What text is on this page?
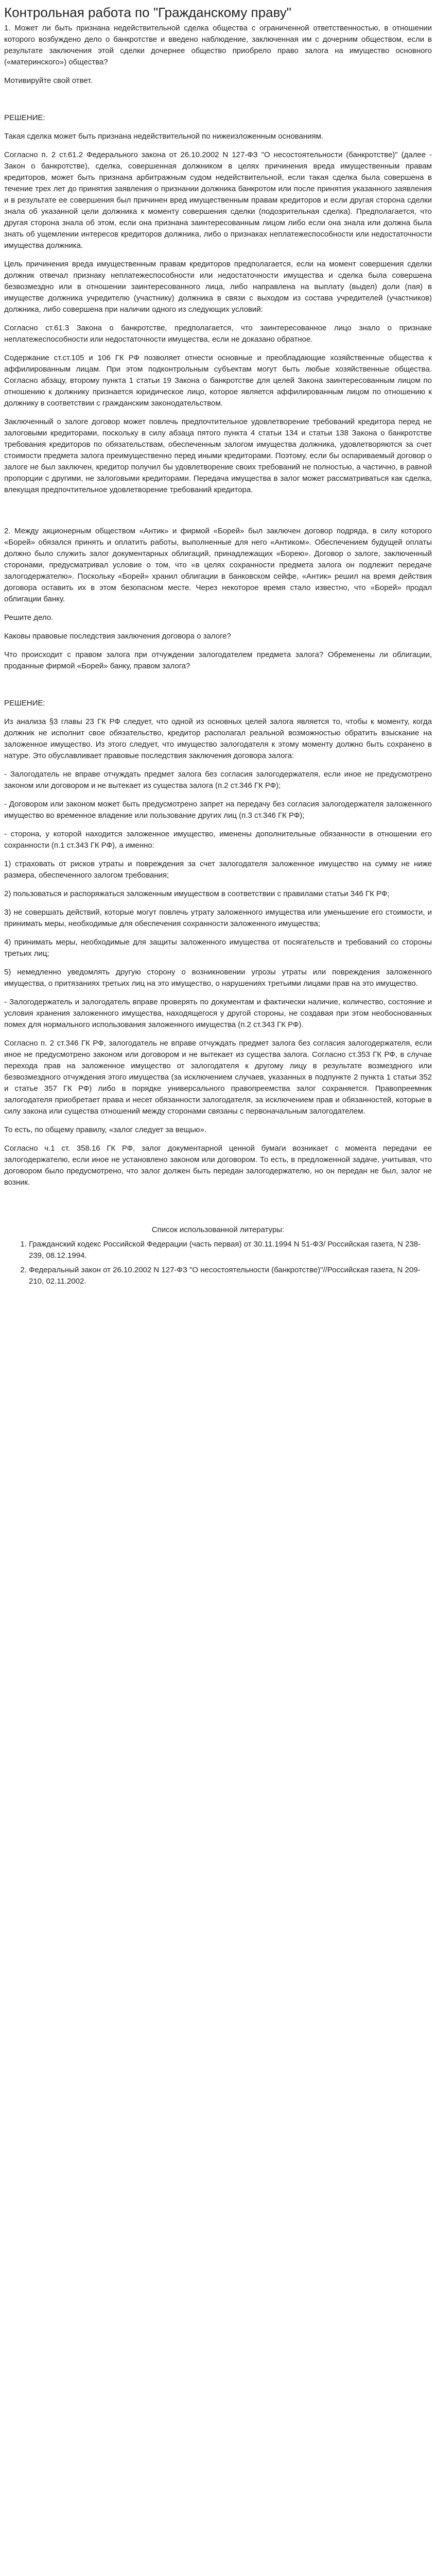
Контрольная работа по "Гражданскому праву"

1. Может ли быть признана недействительной сделка общества с ограниченной ответственностью, в отношении которого возбуждено дело о банкротстве и введено наблюдение, заключенная им с дочерним обществом, если в результате заключения этой сделки дочернее общество приобрело право залога на имущество основного («материнского») общества?

Мотивируйте свой ответ.

РЕШЕНИЕ:

Такая сделка может быть признана недействительной по нижеизложенным основаниям.

Согласно п. 2 ст.61.2 Федерального закона от 26.10.2002 N 127-ФЗ "О несостоятельности (банкротстве)" (далее - Закон о банкротстве), сделка, совершенная должником в целях причинения вреда имущественным правам кредиторов, может быть признана арбитражным судом недействительной, если такая сделка была совершена в течение трех лет до принятия заявления о признании должника банкротом или после принятия указанного заявления и в результате ее совершения был причинен вред имущественным правам кредиторов и если другая сторона сделки знала об указанной цели должника к моменту совершения сделки (подозрительная сделка). Предполагается, что другая сторона знала об этом, если она признана заинтересованным лицом либо если она знала или должна была знать об ущемлении интересов кредиторов должника, либо о признаках неплатежеспособности или недостаточности имущества должника.

Цель причинения вреда имущественным правам кредиторов предполагается, если на момент совершения сделки должник отвечал признаку неплатежеспособности или недостаточности имущества и сделка была совершена безвозмездно или в отношении заинтересованного лица, либо направлена на выплату (выдел) доли (пая) в имуществе должника учредителю (участнику) должника в связи с выходом из состава учредителей (участников) должника, либо совершена при наличии одного из следующих условий:

Согласно ст.61.3 Закона о банкротстве, предполагается, что заинтересованное лицо знало о признаке неплатежеспособности или недостаточности имущества, если не доказано обратное.

Содержание ст.ст.105 и 106 ГК РФ позволяет отнести основные и преобладающие хозяйственные общества к аффилированным лицам. При этом подконтрольным субъектам могут быть любые хозяйственные общества. Согласно абзацу, второму пункта 1 статьи 19 Закона о банкротстве для целей Закона заинтересованным лицом по отношению к должнику признается юридическое лицо, которое является аффилированным лицом по отношению к должнику в соответствии с гражданским законодательством.

Заключенный о залоге договор может повлечь предпочтительное удовлетворение требований кредитора перед не залоговыми кредиторами, поскольку в силу абзаца пятого пункта 4 статьи 134 и статьи 138 Закона о банкротстве требования кредиторов по обязательствам, обеспеченным залогом имущества должника, удовлетворяются за счет стоимости предмета залога преимущественно перед иными кредиторами. Поэтому, если бы оспариваемый договор о залоге не был заключен, кредитор получил бы удовлетворение своих требований не полностью, а частично, в равной пропорции с другими, не залоговыми кредиторами. Передача имущества в залог может рассматриваться как сделка, влекущая предпочтительное удовлетворение требований кредитора.

2. Между акционерным обществом «Антик» и фирмой «Борей» был заключен договор подряда, в силу которого «Борей» обязался принять и оплатить работы, выполненные для него «Антиком». Обеспечением будущей оплаты должно было служить залог документарных облигаций, принадлежащих «Борею». Договор о залоге, заключенный сторонами, предусматривал условие о том, что «в целях сохранности предмета залога он подлежит передаче залогодержателю». Поскольку «Борей» хранил облигации в банковском сейфе, «Антик» решил на время действия договора оставить их в этом безопасном месте. Через некоторое время стало известно, что «Борей» продал облигации банку.

Решите дело.

Каковы правовые последствия заключения договора о залоге?

Что происходит с правом залога при отчуждении залогодателем предмета залога? Обременены ли облигации, проданные фирмой «Борей» банку, правом залога?

РЕШЕНИЕ:

Из анализа §3 главы 23 ГК РФ следует, что одной из основных целей залога является то, чтобы к моменту, когда должник не исполнит свое обязательство, кредитор располагал реальной возможностью обратить взыскание на заложенное имущество. Из этого следует, что имущество залогодателя к этому моменту должно быть сохранено в натуре. Это обуславливает правовые последствия заключения договора залога:

- Залогодатель не вправе отчуждать предмет залога без согласия залогодержателя, если иное не предусмотрено законом или договором и не вытекает из существа залога (п.2 ст.346 ГК РФ);

- Договором или законом может быть предусмотрено запрет на передачу без согласия залогодержателя заложенного имущество во временное владение или пользование других лиц (п.3 ст.346 ГК РФ);

- сторона, у которой находится заложенное имущество, именены дополнительные обязанности в отношении его сохранности (п.1 ст.343 ГК РФ), а именно:

1) страховать от рисков утраты и повреждения за счет залогодателя заложенное имущество на сумму не ниже размера, обеспеченного залогом требования;

2) пользоваться и распоряжаться заложенным имуществом в соответствии с правилами статьи 346 ГК РФ;

3) не совершать действий, которые могут повлечь утрату заложенного имущества или уменьшение его стоимости, и принимать меры, необходимые для обеспечения сохранности заложенного имущества;

4) принимать меры, необходимые для защиты заложенного имущества от посягательств и требований со стороны третьих лиц;

5) немедленно уведомлять другую сторону о возникновении угрозы утраты или повреждения заложенного имущества, о притязаниях третьих лиц на это имущество, о нарушениях третьими лицами прав на это имущество.

- Залогодержатель и залогодатель вправе проверять по документам и фактически наличие, количество, состояние и условия хранения заложенного имущества, находящегося у другой стороны, не создавая при этом необоснованных помех для нормального использования заложенного имущества (п.2 ст.343 ГК РФ).

Согласно п. 2 ст.346 ГК РФ, залогодатель не вправе отчуждать предмет залога без согласия залогодержателя, если иное не предусмотрено законом или договором и не вытекает из существа залога. Согласно ст.353 ГК РФ, в случае перехода прав на заложенное имущество от залогодателя к другому лицу в результате возмездного или безвозмездного отчуждения этого имущества (за исключением случаев, указанных в подпункте 2 пункта 1 статьи 352 и статье 357 ГК РФ) либо в порядке универсального правопреемства залог сохраняется. Правопреемник залогодателя приобретает права и несет обязанности залогодателя, за исключением прав и обязанностей, которые в силу закона или существа отношений между сторонами связаны с первоначальным залогодателем.

То есть, по общему правилу, «залог следует за вещью».

Согласно ч.1 ст. 358.16 ГК РФ, залог документарной ценной бумаги возникает с момента передачи ее залогодержателю, если иное не установлено законом или договором. То есть, в предложенной задаче, учитывая, что договором было предусмотрено, что залог должен быть передан залогодержателю, но он передан не был, залог не возник.

Список использованной литературы:

1. Гражданский кодекс Российской Федерации (часть первая) от 30.11.1994 N 51-ФЗ/ Российская газета, N 238-239, 08.12.1994.
2. Федеральный закон от 26.10.2002 N 127-ФЗ "О несостоятельности (банкротстве)"//Российская газета, N 209-210, 02.11.2002.
